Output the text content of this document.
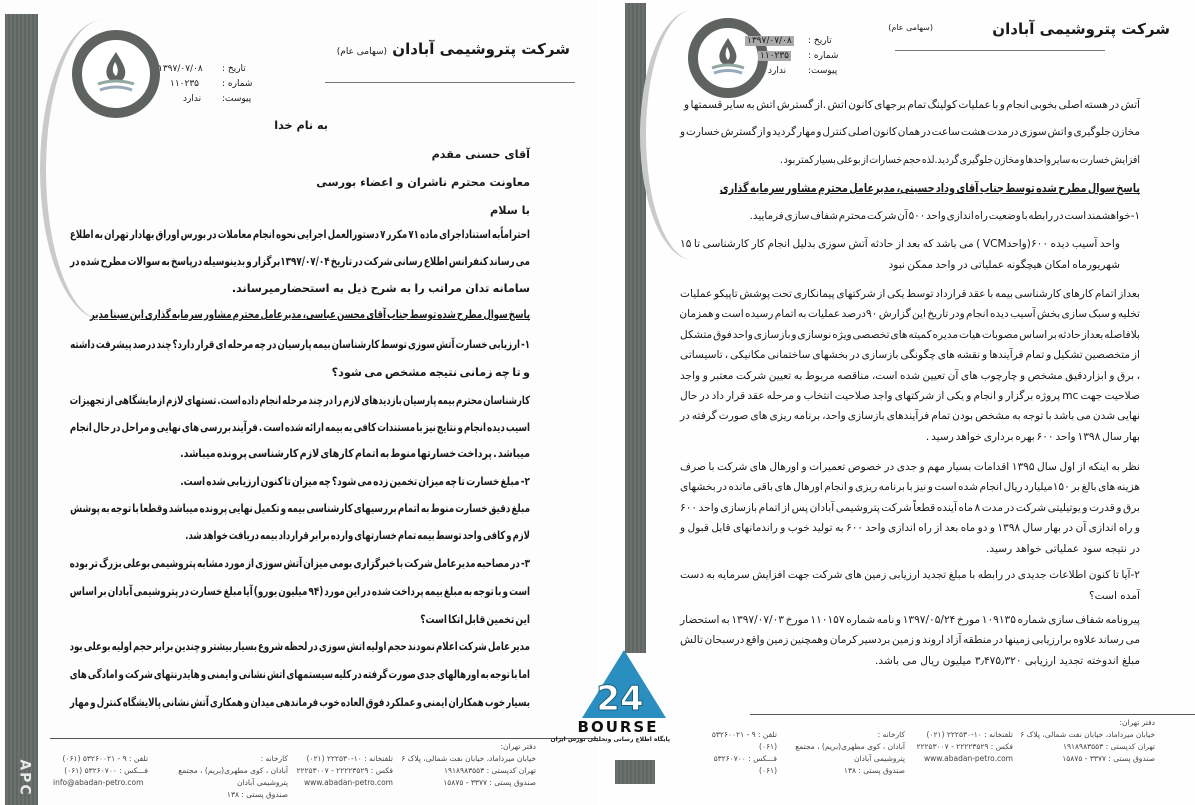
شرکت پتروشیمی آبادان (سهامی عام)
تاریخ :
شماره :
پیوست:
۱۳۹۷/۰۷/۰۸
۱۱۰۲۳۵
ندارد
به نام خدا
آقای حسنی مقدم
معاونت محترم ناشران و اعضاء بورسی
با سلام
احتراماًبه استناداجرای ماده ۷۱ مکرر ۷ دستورالعمل اجرایی نحوه انجام معاملات در بورس اوراق بهادار تهران به اطلاع
می رساند کنفرانس اطلاع رسانی شرکت در تاریخ ۱۳۹۷/۰۷/۰۴برگزار و بدینوسیله درپاسخ به سوالات مطرح شده در
سامانه تدان مراتب را به شرح ذیل به استحضارمیرساند.
پاسخ سوال مطرح شده توسط جناب آقای محسن عباسی، مدیرعامل محترم مشاور سرمایه گذاری ابن سینا مدیر
۱- ارزیابی خسارت آتش سوزی توسط کارشناسان بیمه پارسیان در چه مرحله ای قرار دارد؟ چند درصد پیشرفت داشته
و تا چه زمانی نتیجه مشخص می شود؟
کارشناسان محترم بیمه پارسیان بازدیدهای لازم را در چند مرحله انجام داده است. تستهای لازم ازمایشگاهی از تجهیزات
اسیب دیده انجام و نتایج نیز با مستندات کافی به بیمه ارائه شده است . فرآیند بررسی های نهایی و مراحل در حال انجام
میباشد . پرداخت خسارتها منوط به اتمام کارهای لازم کارشناسی پرونده میباشد.
۲- مبلغ خسارت تا چه میزان تخمین زده می شود؟ چه میزان تا کنون ارزیابی شده است.
مبلغ دقیق خسارت منوط به اتمام بررسیهای کارشناسی بیمه و تکمیل نهایی پرونده میباشد وقطعا با توجه به پوشش
لازم و کافی واحد توسط بیمه تمام خسارتهای وارده برابر قرارداد بیمه دریافت خواهد شد.
۳- در مصاحبه مدیرعامل شرکت با خبرگزاری بومی میزان آتش سوزی از مورد مشابه پتروشیمی بوعلی بزرگ تر بوده
است و با توجه به مبلغ بیمه پرداخت شده در این مورد (۹۴ میلیون یورو) آیا مبلغ خسارت در پتروشیمی آبادان بر اساس
این تخمین قابل اتکا است؟
مدیر عامل شرکت اعلام نمودند حجم اولیه اتش سوزی در لحظه شروع بسیار بیشتر و چندین برابر حجم اولیه بوعلی بود
اما با توجه به اورهالهای جدی صورت گرفته در کلیه سیستمهای اتش نشانی و ایمنی و هایدرنتهای شرکت و امادگی های
بسیار خوب همکاران ایمنی و عملکرد فوق العاده خوب فرماندهی میدان و همکاری آتش نشانی پالایشگاه کنترل و مهار
دفتر تهران:
خیابان میرداماد، خیابان نفت شمالی، پلاک ۶
تهران کدپستی : ۱۹۱۸۹۸۳۵۵۳
صندوق پستی : ۳۳۷۷ - ۱۵۸۷۵
تلفنخانه : ۱۰-۲۲۲۵۳۰ (۰۲۱)
فکس : ۲۲۲۲۳۵۲۹ - ۲۲۲۵۳۰۰۷
www.abadan-petro.com
کارخانه :
آبادان ، کوی مطهری(بریم) ، مجتمع پتروشیمی آبادان
صندوق پستی : ۱۳۸
تلفن : ۹ - ۵۳۲۶۰۰۲۱ (۰۶۱)
فـــکس : ۵۳۲۶۰۷۰۰ (۰۶۱)
info@abadan-petro.com
APC
شرکت پتروشیمی آبادان
(سهامی عام)
تاریخ :
شماره :
پیوست:
۱۳۹۷/۰۷/۰۸
۱۱۰۲۳۵
ندارد
آتش در هسته اصلی بخوبی انجام و با عملیات کولینگ تمام برجهای کانون اتش .از گسترش اتش به سایر قسمتها و
مخازن جلوگیری و اتش سوزی در مدت هشت ساعت در همان کانون اصلی کنترل و مهار گردید و از گسترش خسارت و
افزایش خسارت به سایر واحدها و مخازن جلوگیری گردید.لذه حجم خسارات از بوعلی بسیار کمتر بود .
پاسخ سوال مطرح شده توسط جناب آقای وداد حسینی، مدیرعامل محترم مشاور سرمایه گذاری
۱-خواهشمند است در رابطه با وضعیت راه اندازی واحد ۵۰۰ آن شرکت محترم شفاف سازی فرمایید.
واحد آسیب دیده ۶۰۰(واحدVCM ) می باشد که بعد از حادثه آتش سوزی بدلیل انجام کار کارشناسی تا ۱۵
شهریورماه امکان هیچگونه عملیاتی در واحد ممکن نبود
بعداز اتمام کارهای کارشناسی بیمه با عقد قرارداد توسط یکی از شرکتهای پیمانکاری تحت پوشش تاپیکو عملیات
تخلیه و سبک سازی بخش آسیب دیده انجام ودر تاریخ این گزارش ۹۰درصد عملیات به اتمام رسیده است و همزمان
بلافاصله بعداز حادثه بر اساس مصوبات هیات مدیره کمیته های تخصصی ویژه نوسازی و بازسازی واحد فوق متشکل
از متخصصین تشکیل و تمام فرآیندها و نقشه های چگونگی بازسازی در بخشهای ساختمانی مکانیکی ، تاسیساتی
، برق و ابزاردقیق مشخص و چارچوب های آن تعیین شده است، مناقصه مربوط به تعیین شرکت معتبر و واجد
صلاحیت جهت mc پروژه برگزار و انجام و یکی از شرکتهای واجد صلاحیت انتخاب و مرحله عقد قرار داد در حال
نهایی شدن می باشد با توجه به مشخص بودن تمام فرآیندهای بازسازی واحد، برنامه ریزی های صورت گرفته در
بهار سال ۱۳۹۸ واحد ۶۰۰ بهره برداری خواهد رسید .
نظر به اینکه از اول سال ۱۳۹۵ اقدامات بسیار مهم و جدی در خصوص تعمیرات و اورهال های شرکت با صرف
هزینه های بالغ بر ۱۵۰میلیارد ریال انجام شده است و نیز با برنامه ریزی و انجام اورهال های باقی مانده در بخشهای
برق و قدرت و یوتیلیتی شرکت در مدت ۸ ماه آینده قطعاً شرکت پتروشیمی آبادان پس از اتمام بازسازی واحد ۶۰۰
و راه اندازی آن در بهار سال ۱۳۹۸ و دو ماه بعد از راه اندازی واحد ۶۰۰ به تولید خوب و راندمانهای قابل قبول و
در نتیجه سود عملیاتی خواهد رسید.
۲-آیا تا کنون اطلاعات جدیدی در رابطه با مبلغ تجدید ارزیابی زمین های شرکت جهت افزایش سرمایه به دست
آمده است؟
پیرونامه شفاف سازی شماره ۱۰۹۱۳۵ مورخ ۱۳۹۷/۰۵/۲۴ و نامه شماره ۱۱۰۱۵۷ مورخ ۱۳۹۷/۰۷/۰۳ به استحضار
می رساند علاوه برارزیابی زمینها در منطقه آزاد اروند و زمین بردسیر کرمان وهمچنین زمین واقع درسبحان تالش
مبلغ اندوخته تجدید ارزیابی ۳٫۴۷۵٫۳۲۰ میلیون ریال می باشد.
دفتر تهران:
خیابان میرداماد، خیابان نفت شمالی، پلاک ۶
تهران کدپستی : ۱۹۱۸۹۸۳۵۵۳
صندوق پستی : ۳۳۷۷ - ۱۵۸۷۵
تلفنخانه : ۱۰-۲۲۲۵۳۰ (۰۲۱)
فکس : ۲۲۲۲۳۵۲۹ - ۲۲۲۵۳۰۰۷
www.abadan-petro.com
کارخانه :
آبادان ، کوی مطهری(بریم) ، مجتمع پتروشیمی آبادان
صندوق پستی : ۱۳۸
تلفن : ۹ - ۵۳۲۶۰۰۲۱ (۰۶۱)
فـــکس : ۵۳۲۶۰۷۰۰ (۰۶۱)
24
BOURSE
پایگاه اطلاع رسانی وتحلیلی بورس ایران
